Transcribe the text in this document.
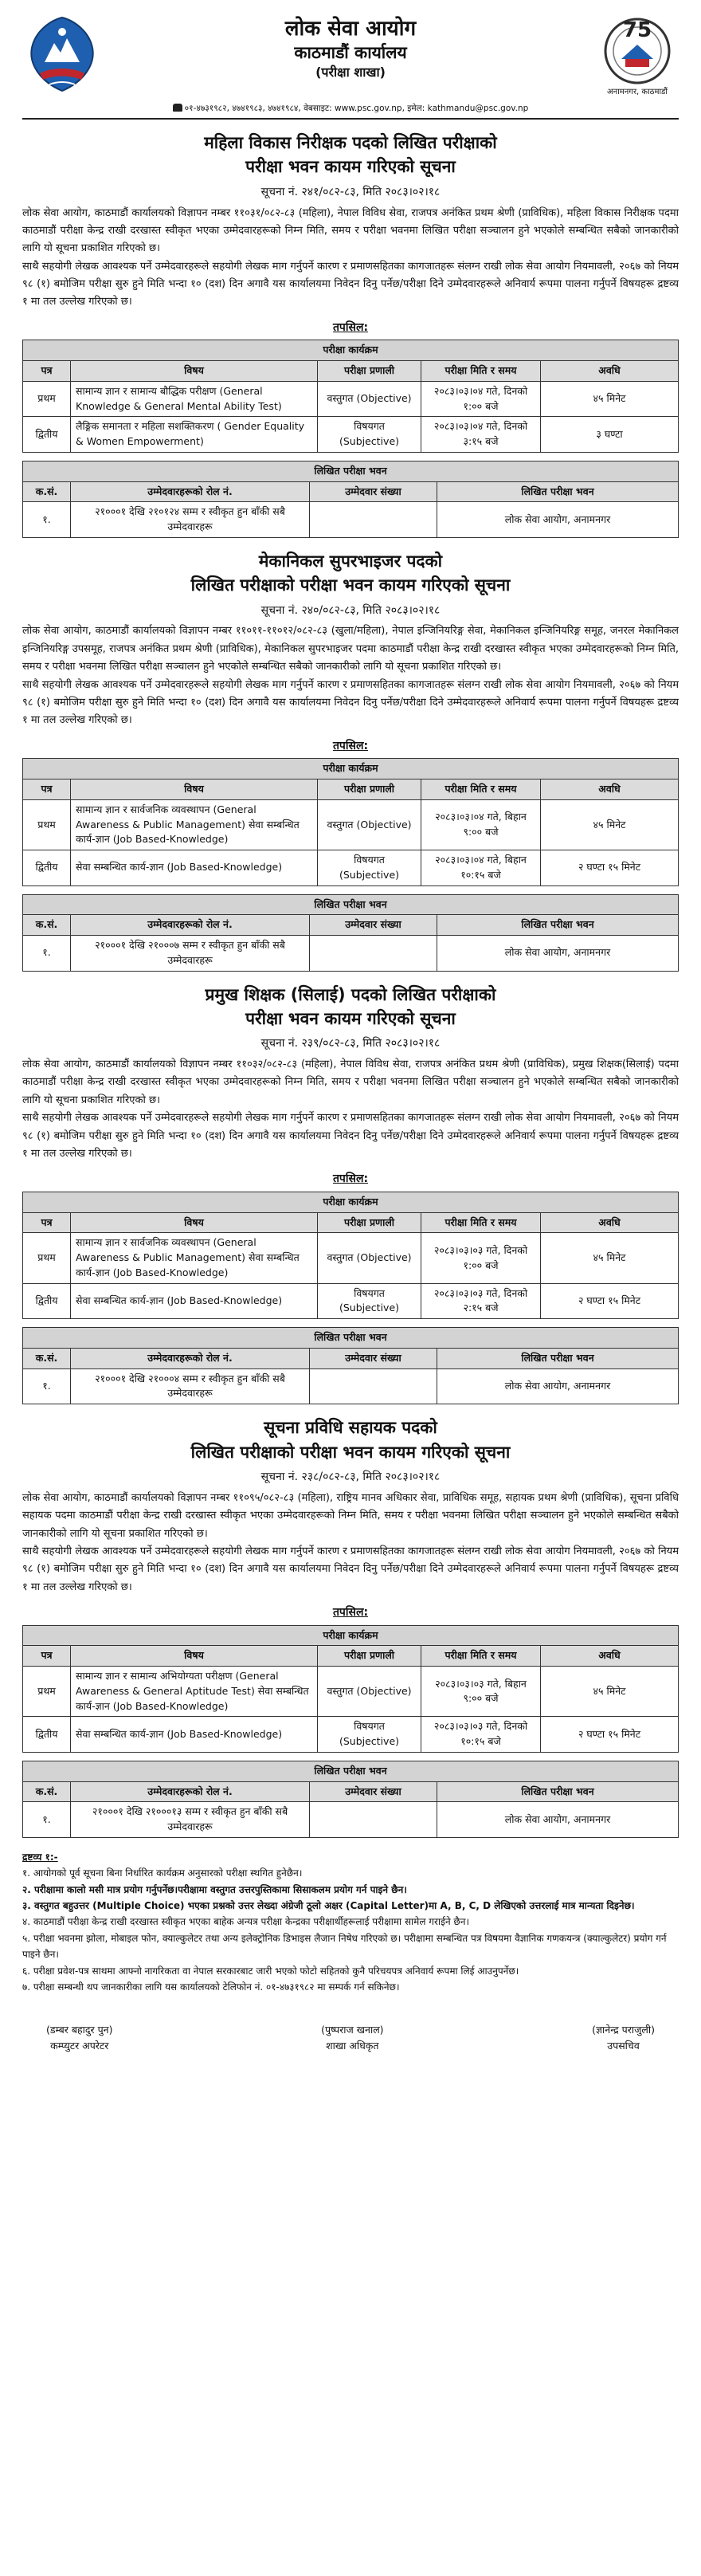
लोक सेवा आयोग
काठमाडौं कार्यालय
(परीक्षा शाखा)
75
अनामनगर, काठमाडौं
०१-४७३१९८२, ४७४१९८३, ४७४१९८४, वेबसाइट: www.psc.gov.np, इमेल: kathmandu@psc.gov.np
महिला विकास निरीक्षक पदको लिखित परीक्षाको
परीक्षा भवन कायम गरिएको सूचना
सूचना नं. २४१/०८२-८३, मिति २०८३।०२।१८

लोक सेवा आयोग, काठमाडौं कार्यालयको विज्ञापन नम्बर ११०३१/०८२-८३ (महिला), नेपाल विविध सेवा, राजपत्र अनंकित प्रथम श्रेणी (प्राविधिक), महिला विकास निरीक्षक पदमा काठमाडौं परीक्षा केन्द्र राखी दरखास्त स्वीकृत भएका उम्मेदवारहरूको निम्न मिति, समय र परीक्षा भवनमा लिखित परीक्षा सञ्चालन हुने भएकोले सम्बन्धित सबैको जानकारीको लागि यो सूचना प्रकाशित गरिएको छ।

साथै सहयोगी लेखक आवश्यक पर्ने उम्मेदवारहरूले सहयोगी लेखक माग गर्नुपर्ने कारण र प्रमाणसहितका कागजातहरू संलग्न राखी लोक सेवा आयोग नियमावली, २०६७ को नियम ९८ (१) बमोजिम परीक्षा सुरु हुने मिति भन्दा १० (दश) दिन अगावै यस कार्यालयमा निवेदन दिनु पर्नेछ/परीक्षा दिने उम्मेदवारहरूले अनिवार्य रूपमा पालना गर्नुपर्ने विषयहरू द्रष्टव्य १ मा तल उल्लेख गरिएको छ।

तपसिल:
परीक्षा कार्यक्रम				
पत्र	विषय	परीक्षा प्रणाली	परीक्षा मिति र समय	अवधि
प्रथम	सामान्य ज्ञान र सामान्य बौद्धिक परीक्षण (General Knowledge & General Mental Ability Test)	वस्तुगत (Objective)	२०८३।०३।०४ गते, दिनको १:०० बजे	४५ मिनेट
द्वितीय	लैङ्गिक समानता र महिला सशक्तिकरण ( Gender Equality & Women Empowerment)	विषयगत (Subjective)	२०८३।०३।०४ गते, दिनको ३:१५ बजे	३ घण्टा
लिखित परीक्षा भवन			
क.सं.	उम्मेदवारहरूको रोल नं.	उम्मेदवार संख्या	लिखित परीक्षा भवन
१.	२१०००१ देखि २१०१२४ सम्म र स्वीकृत हुन बाँकी सबै उम्मेदवारहरू		लोक सेवा आयोग, अनामनगर
मेकानिकल सुपरभाइजर पदको
लिखित परीक्षाको परीक्षा भवन कायम गरिएको सूचना
सूचना नं. २४०/०८२-८३, मिति २०८३।०२।१८

लोक सेवा आयोग, काठमाडौं कार्यालयको विज्ञापन नम्बर ११०११-११०१२/०८२-८३ (खुला/महिला), नेपाल इन्जिनियरिङ्ग सेवा, मेकानिकल इन्जिनियरिङ्ग समूह, जनरल मेकानिकल इन्जिनियरिङ्ग उपसमूह, राजपत्र अनंकित प्रथम श्रेणी (प्राविधिक), मेकानिकल सुपरभाइजर पदमा काठमाडौं परीक्षा केन्द्र राखी दरखास्त स्वीकृत भएका उम्मेदवारहरूको निम्न मिति, समय र परीक्षा भवनमा लिखित परीक्षा सञ्चालन हुने भएकोले सम्बन्धित सबैको जानकारीको लागि यो सूचना प्रकाशित गरिएको छ।

साथै सहयोगी लेखक आवश्यक पर्ने उम्मेदवारहरूले सहयोगी लेखक माग गर्नुपर्ने कारण र प्रमाणसहितका कागजातहरू संलग्न राखी लोक सेवा आयोग नियमावली, २०६७ को नियम ९८ (१) बमोजिम परीक्षा सुरु हुने मिति भन्दा १० (दश) दिन अगावै यस कार्यालयमा निवेदन दिनु पर्नेछ/परीक्षा दिने उम्मेदवारहरूले अनिवार्य रूपमा पालना गर्नुपर्ने विषयहरू द्रष्टव्य १ मा तल उल्लेख गरिएको छ।

तपसिल:
परीक्षा कार्यक्रम				
पत्र	विषय	परीक्षा प्रणाली	परीक्षा मिति र समय	अवधि
प्रथम	सामान्य ज्ञान र सार्वजनिक व्यवस्थापन (General Awareness & Public Management) सेवा सम्बन्धित कार्य-ज्ञान (Job Based-Knowledge)	वस्तुगत (Objective)	२०८३।०३।०४ गते, बिहान ९:०० बजे	४५ मिनेट
द्वितीय	सेवा सम्बन्धित कार्य-ज्ञान (Job Based-Knowledge)	विषयगत (Subjective)	२०८३।०३।०४ गते, बिहान १०:१५ बजे	२ घण्टा १५ मिनेट
लिखित परीक्षा भवन			
क.सं.	उम्मेदवारहरूको रोल नं.	उम्मेदवार संख्या	लिखित परीक्षा भवन
१.	२१०००१ देखि २१०००७ सम्म र स्वीकृत हुन बाँकी सबै उम्मेदवारहरू		लोक सेवा आयोग, अनामनगर
प्रमुख शिक्षक (सिलाई) पदको लिखित परीक्षाको
परीक्षा भवन कायम गरिएको सूचना
सूचना नं. २३९/०८२-८३, मिति २०८३।०२।१८

लोक सेवा आयोग, काठमाडौं कार्यालयको विज्ञापन नम्बर ११०३२/०८२-८३ (महिला), नेपाल विविध सेवा, राजपत्र अनंकित प्रथम श्रेणी (प्राविधिक), प्रमुख शिक्षक(सिलाई) पदमा काठमाडौं परीक्षा केन्द्र राखी दरखास्त स्वीकृत भएका उम्मेदवारहरूको निम्न मिति, समय र परीक्षा भवनमा लिखित परीक्षा सञ्चालन हुने भएकोले सम्बन्धित सबैको जानकारीको लागि यो सूचना प्रकाशित गरिएको छ।

साथै सहयोगी लेखक आवश्यक पर्ने उम्मेदवारहरूले सहयोगी लेखक माग गर्नुपर्ने कारण र प्रमाणसहितका कागजातहरू संलग्न राखी लोक सेवा आयोग नियमावली, २०६७ को नियम ९८ (१) बमोजिम परीक्षा सुरु हुने मिति भन्दा १० (दश) दिन अगावै यस कार्यालयमा निवेदन दिनु पर्नेछ/परीक्षा दिने उम्मेदवारहरूले अनिवार्य रूपमा पालना गर्नुपर्ने विषयहरू द्रष्टव्य १ मा तल उल्लेख गरिएको छ।

तपसिल:
परीक्षा कार्यक्रम				
पत्र	विषय	परीक्षा प्रणाली	परीक्षा मिति र समय	अवधि
प्रथम	सामान्य ज्ञान र सार्वजनिक व्यवस्थापन (General Awareness & Public Management) सेवा सम्बन्धित कार्य-ज्ञान (Job Based-Knowledge)	वस्तुगत (Objective)	२०८३।०३।०३ गते, दिनको १:०० बजे	४५ मिनेट
द्वितीय	सेवा सम्बन्धित कार्य-ज्ञान (Job Based-Knowledge)	विषयगत (Subjective)	२०८३।०३।०३ गते, दिनको २:१५ बजे	२ घण्टा १५ मिनेट
लिखित परीक्षा भवन			
क.सं.	उम्मेदवारहरूको रोल नं.	उम्मेदवार संख्या	लिखित परीक्षा भवन
१.	२१०००१ देखि २१०००४ सम्म र स्वीकृत हुन बाँकी सबै उम्मेदवारहरू		लोक सेवा आयोग, अनामनगर
सूचना प्रविधि सहायक पदको
लिखित परीक्षाको परीक्षा भवन कायम गरिएको सूचना
सूचना नं. २३८/०८२-८३, मिति २०८३।०२।१८

लोक सेवा आयोग, काठमाडौं कार्यालयको विज्ञापन नम्बर ११०९५/०८२-८३ (महिला), राष्ट्रिय मानव अधिकार सेवा, प्राविधिक समूह, सहायक प्रथम श्रेणी (प्राविधिक), सूचना प्रविधि सहायक पदमा काठमाडौं परीक्षा केन्द्र राखी दरखास्त स्वीकृत भएका उम्मेदवारहरूको निम्न मिति, समय र परीक्षा भवनमा लिखित परीक्षा सञ्चालन हुने भएकोले सम्बन्धित सबैको जानकारीको लागि यो सूचना प्रकाशित गरिएको छ।

साथै सहयोगी लेखक आवश्यक पर्ने उम्मेदवारहरूले सहयोगी लेखक माग गर्नुपर्ने कारण र प्रमाणसहितका कागजातहरू संलग्न राखी लोक सेवा आयोग नियमावली, २०६७ को नियम ९८ (१) बमोजिम परीक्षा सुरु हुने मिति भन्दा १० (दश) दिन अगावै यस कार्यालयमा निवेदन दिनु पर्नेछ/परीक्षा दिने उम्मेदवारहरूले अनिवार्य रूपमा पालना गर्नुपर्ने विषयहरू द्रष्टव्य १ मा तल उल्लेख गरिएको छ।

तपसिल:
परीक्षा कार्यक्रम				
पत्र	विषय	परीक्षा प्रणाली	परीक्षा मिति र समय	अवधि
प्रथम	सामान्य ज्ञान र सामान्य अभियोग्यता परीक्षण (General Awareness & General Aptitude Test) सेवा सम्बन्धित कार्य-ज्ञान (Job Based-Knowledge)	वस्तुगत (Objective)	२०८३।०३।०३ गते, बिहान ९:०० बजे	४५ मिनेट
द्वितीय	सेवा सम्बन्धित कार्य-ज्ञान (Job Based-Knowledge)	विषयगत (Subjective)	२०८३।०३।०३ गते, दिनको १०:१५ बजे	२ घण्टा १५ मिनेट
लिखित परीक्षा भवन			
क.सं.	उम्मेदवारहरूको रोल नं.	उम्मेदवार संख्या	लिखित परीक्षा भवन
१.	२१०००१ देखि २१०००१३ सम्म र स्वीकृत हुन बाँकी सबै उम्मेदवारहरू		लोक सेवा आयोग, अनामनगर
द्रष्टव्य १:-
१. आयोगको पूर्व सूचना बिना निर्धारित कार्यक्रम अनुसारको परीक्षा स्थगित हुनेछैन।
२. परीक्षामा कालो मसी मात्र प्रयोग गर्नुपर्नेछ।परीक्षामा वस्तुगत उत्तरपुस्तिकामा सिसाकलम प्रयोग गर्न पाइने छैन।
३. वस्तुगत बहुउत्तर (Multiple Choice) भएका प्रश्नको उत्तर लेख्दा अंग्रेजी ठूलो अक्षर (Capital Letter)मा A, B, C, D लेखिएको उत्तरलाई मात्र मान्यता दिइनेछ।
४. काठमाडौं परीक्षा केन्द्र राखी दरखास्त स्वीकृत भएका बाहेक अन्यत्र परीक्षा केन्द्रका परीक्षार्थीहरूलाई परीक्षामा सामेल गराईने छैन।
५. परीक्षा भवनमा झोला, मोबाइल फोन, क्याल्कुलेटर तथा अन्य इलेक्ट्रोनिक डिभाइस लैजान निषेध गरिएको छ। परीक्षामा सम्बन्धित पत्र विषयमा वैज्ञानिक गणकयन्त्र (क्याल्कुलेटर) प्रयोग गर्न पाइने छैन।
६. परीक्षा प्रवेश-पत्र साथमा आफ्नो नागरिकता वा नेपाल सरकारबाट जारी भएको फोटो सहितको कुनै परिचयपत्र अनिवार्य रूपमा लिई आउनुपर्नेछ।
७. परीक्षा सम्बन्धी थप जानकारीका लागि यस कार्यालयको टेलिफोन नं. ०१-४७३१९८२ मा सम्पर्क गर्न सकिनेछ।
(डम्बर बहादुर पुन)
कम्प्युटर अपरेटर
(पुष्पराज खनाल)
शाखा अधिकृत
(ज्ञानेन्द्र पराजुली)
उपसचिव
